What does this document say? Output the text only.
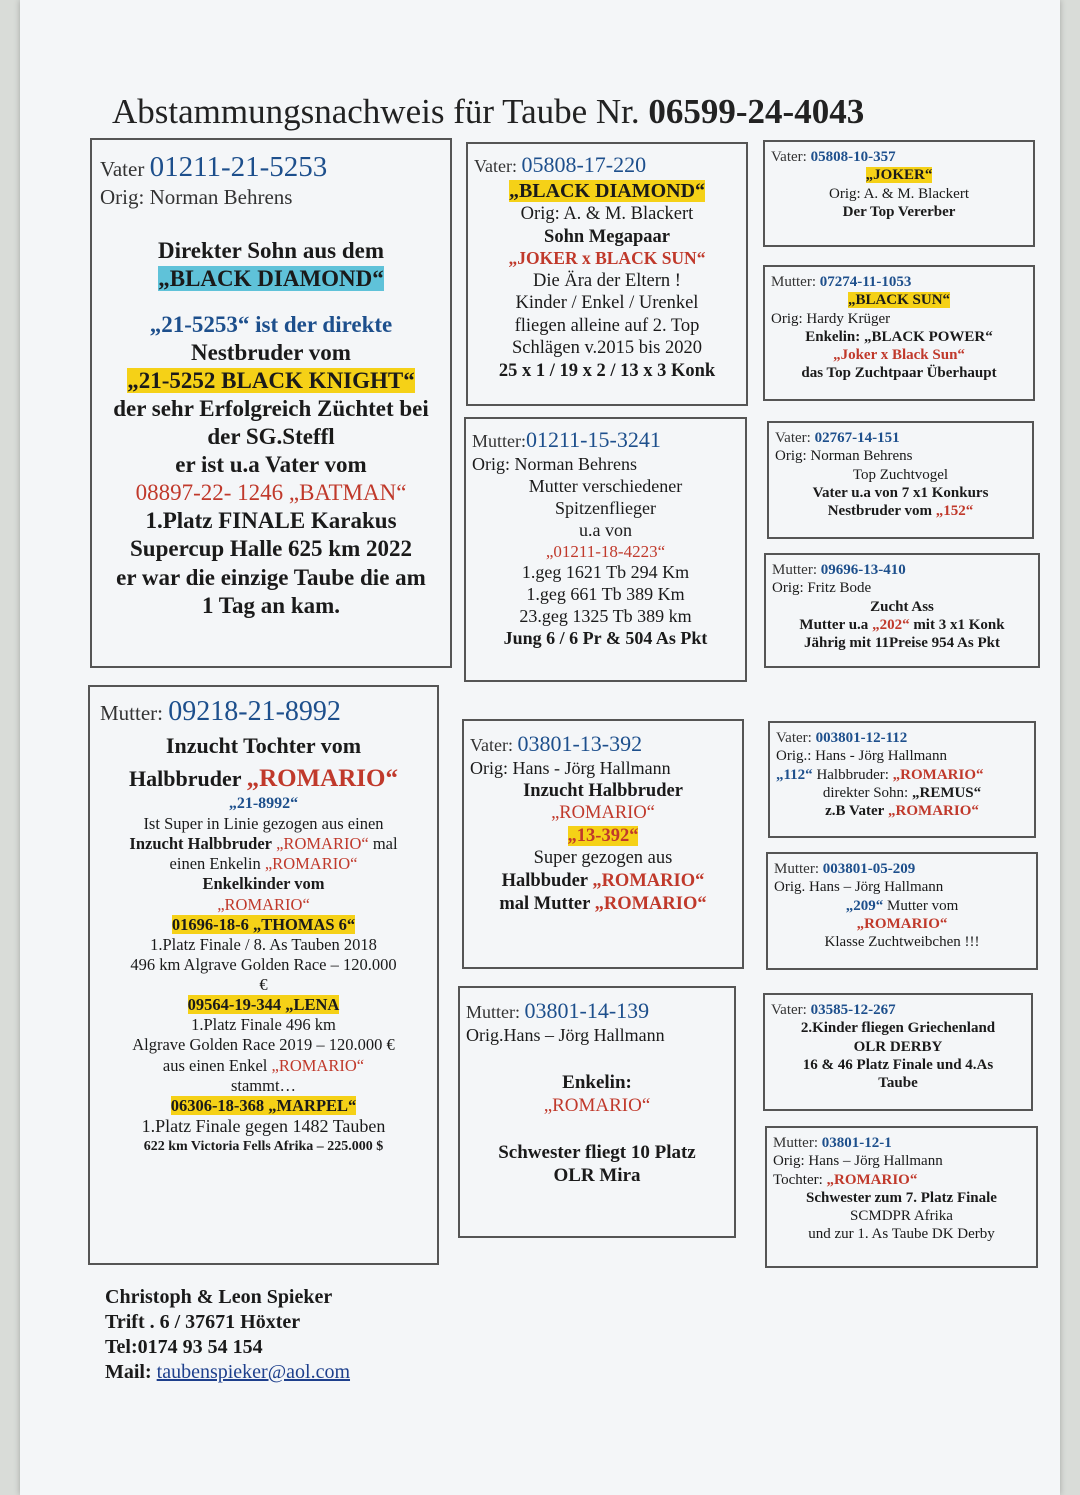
Abstammungsnachweis für Taube Nr. 06599-24-4043
Vater 01211-21-5253
Orig: Norman Behrens
Direkter Sohn aus dem
„BLACK DIAMOND“
„21-5253“ ist der direkte
Nestbruder vom
„21-5252 BLACK KNIGHT“
der sehr Erfolgreich Züchtet bei
der SG.Steffl
er ist u.a Vater vom
08897-22- 1246 „BATMAN“
1.Platz FINALE Karakus
Supercup Halle 625 km 2022
er war die einzige Taube die am
1 Tag an kam.
Mutter: 09218-21-8992
Inzucht Tochter vom
Halbbruder „ROMARIO“
„21-8992“
Ist Super in Linie gezogen aus einen
Inzucht Halbbruder „ROMARIO“ mal
einen Enkelin „ROMARIO“
Enkelkinder vom
„ROMARIO“
01696-18-6 „THOMAS 6“
1.Platz Finale / 8. As Tauben 2018
496 km Algrave Golden Race – 120.000
€
09564-19-344 „LENA
1.Platz Finale 496 km
Algrave Golden Race 2019 – 120.000 €
aus einen Enkel „ROMARIO“
stammt…
06306-18-368 „MARPEL“
1.Platz Finale gegen 1482 Tauben
622 km Victoria Fells Afrika – 225.000 $
Vater: 05808-17-220
„BLACK DIAMOND“
Orig: A. & M. Blackert
Sohn Megapaar
„JOKER x BLACK SUN“
Die Ära der Eltern !
Kinder / Enkel / Urenkel
fliegen alleine auf 2. Top
Schlägen v.2015 bis 2020
25 x 1 / 19 x 2 / 13 x 3 Konk
Mutter:01211-15-3241
Orig: Norman Behrens
Mutter verschiedener
Spitzenflieger
u.a von
„01211-18-4223“
1.geg 1621 Tb 294 Km
1.geg 661 Tb 389 Km
23.geg 1325 Tb 389 km
Jung 6 / 6 Pr & 504 As Pkt
Vater: 03801-13-392
Orig: Hans - Jörg Hallmann
Inzucht Halbbruder
„ROMARIO“
„13-392“
Super gezogen aus
Halbbuder „ROMARIO“
mal Mutter „ROMARIO“
Mutter: 03801-14-139
Orig.Hans – Jörg Hallmann
Enkelin:
„ROMARIO“
Schwester fliegt 10 Platz
OLR Mira
Vater: 05808-10-357
„JOKER“
Orig: A. & M. Blackert
Der Top Vererber
Mutter: 07274-11-1053
„BLACK SUN“
Orig: Hardy Krüger
Enkelin: „BLACK POWER“
„Joker x Black Sun“
das Top Zuchtpaar Überhaupt
Vater: 02767-14-151
Orig: Norman Behrens
Top Zuchtvogel
Vater u.a von 7 x1 Konkurs
Nestbruder vom „152“
Mutter: 09696-13-410
Orig: Fritz Bode
Zucht Ass
Mutter u.a „202“ mit 3 x1 Konk
Jährig mit 11Preise 954 As Pkt
Vater: 003801-12-112
Orig.: Hans - Jörg Hallmann
„112“ Halbbruder: „ROMARIO“
direkter Sohn: „REMUS“
z.B Vater „ROMARIO“
Mutter: 003801-05-209
Orig. Hans – Jörg Hallmann
„209“ Mutter vom
„ROMARIO“
Klasse Zuchtweibchen !!!
Vater: 03585-12-267
2.Kinder fliegen Griechenland
OLR DERBY
16 & 46 Platz Finale und 4.As
Taube
Mutter: 03801-12-1
Orig: Hans – Jörg Hallmann
Tochter: „ROMARIO“
Schwester zum 7. Platz Finale
SCMDPR Afrika
und zur 1. As Taube DK Derby
Christoph & Leon Spieker
Trift . 6 / 37671 Höxter
Tel:0174 93 54 154
Mail: taubenspieker@aol.com
